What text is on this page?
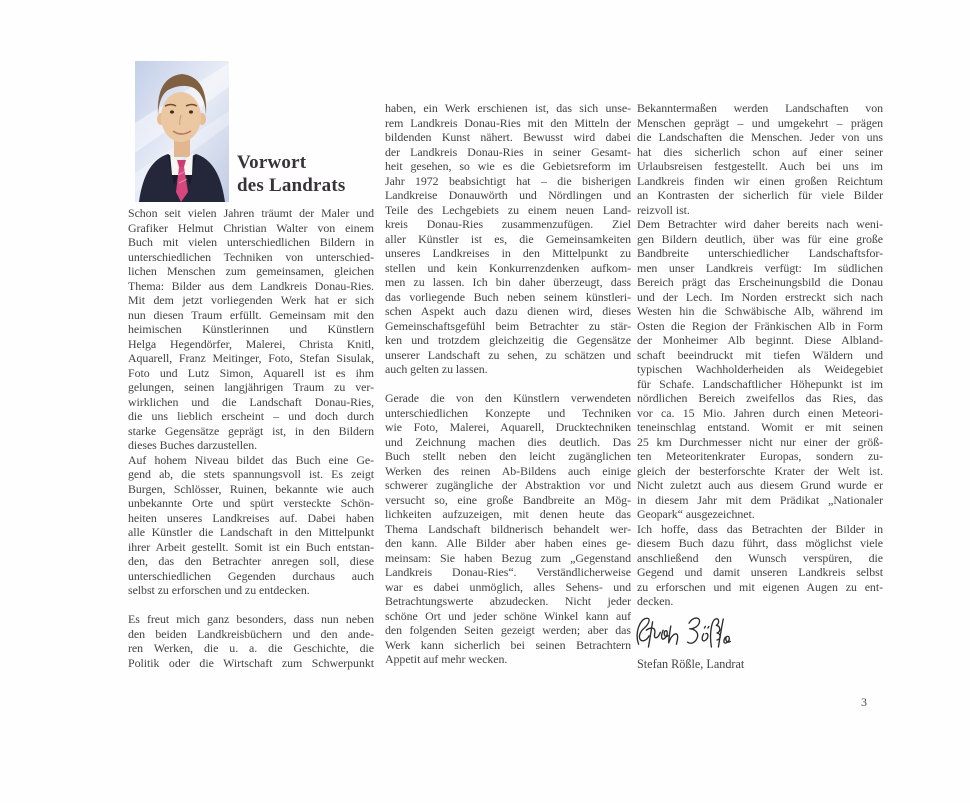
Vorwort
des Landrats
Schon seit vielen Jahren träumt der Maler und
Grafiker Helmut Christian Walter von einem
Buch mit vielen unterschiedlichen Bildern in
unterschiedlichen Techniken von unterschied-
lichen Menschen zum gemeinsamen, gleichen
Thema: Bilder aus dem Landkreis Donau-Ries.
Mit dem jetzt vorliegenden Werk hat er sich
nun diesen Traum erfüllt. Gemeinsam mit den
heimischen Künstlerinnen und Künstlern
Helga Hegendörfer, Malerei, Christa Knitl,
Aquarell, Franz Meitinger, Foto, Stefan Sisulak,
Foto und Lutz Simon, Aquarell ist es ihm
gelungen, seinen langjährigen Traum zu ver-
wirklichen und die Landschaft Donau-Ries,
die uns lieblich erscheint – und doch durch
starke Gegensätze geprägt ist, in den Bildern
dieses Buches darzustellen.
Auf hohem Niveau bildet das Buch eine Ge-
gend ab, die stets spannungsvoll ist. Es zeigt
Burgen, Schlösser, Ruinen, bekannte wie auch
unbekannte Orte und spürt versteckte Schön-
heiten unseres Landkreises auf. Dabei haben
alle Künstler die Landschaft in den Mittelpunkt
ihrer Arbeit gestellt. Somit ist ein Buch entstan-
den, das den Betrachter anregen soll, diese
unterschiedlichen Gegenden durchaus auch
selbst zu erforschen und zu entdecken.
Es freut mich ganz besonders, dass nun neben
den beiden Landkreisbüchern und den ande-
ren Werken, die u. a. die Geschichte, die
Politik oder die Wirtschaft zum Schwerpunkt
haben, ein Werk erschienen ist, das sich unse-
rem Landkreis Donau-Ries mit den Mitteln der
bildenden Kunst nähert. Bewusst wird dabei
der Landkreis Donau-Ries in seiner Gesamt-
heit gesehen, so wie es die Gebietsreform im
Jahr 1972 beabsichtigt hat – die bisherigen
Landkreise Donauwörth und Nördlingen und
Teile des Lechgebiets zu einem neuen Land-
kreis Donau-Ries zusammenzufügen. Ziel
aller Künstler ist es, die Gemeinsamkeiten
unseres Landkreises in den Mittelpunkt zu
stellen und kein Konkurrenzdenken aufkom-
men zu lassen. Ich bin daher überzeugt, dass
das vorliegende Buch neben seinem künstleri-
schen Aspekt auch dazu dienen wird, dieses
Gemeinschaftsgefühl beim Betrachter zu stär-
ken und trotzdem gleichzeitig die Gegensätze
unserer Landschaft zu sehen, zu schätzen und
auch gelten zu lassen.
Gerade die von den Künstlern verwendeten
unterschiedlichen Konzepte und Techniken
wie Foto, Malerei, Aquarell, Drucktechniken
und Zeichnung machen dies deutlich. Das
Buch stellt neben den leicht zugänglichen
Werken des reinen Ab-Bildens auch einige
schwerer zugängliche der Abstraktion vor und
versucht so, eine große Bandbreite an Mög-
lichkeiten aufzuzeigen, mit denen heute das
Thema Landschaft bildnerisch behandelt wer-
den kann. Alle Bilder aber haben eines ge-
meinsam: Sie haben Bezug zum „Gegenstand
Landkreis Donau-Ries“. Verständlicherweise
war es dabei unmöglich, alles Sehens- und
Betrachtungswerte abzudecken. Nicht jeder
schöne Ort und jeder schöne Winkel kann auf
den folgenden Seiten gezeigt werden; aber das
Werk kann sicherlich bei seinen Betrachtern
Appetit auf mehr wecken.
Bekanntermaßen werden Landschaften von
Menschen geprägt – und umgekehrt – prägen
die Landschaften die Menschen. Jeder von uns
hat dies sicherlich schon auf einer seiner
Urlaubsreisen festgestellt. Auch bei uns im
Landkreis finden wir einen großen Reichtum
an Kontrasten der sicherlich für viele Bilder
reizvoll ist.
Dem Betrachter wird daher bereits nach weni-
gen Bildern deutlich, über was für eine große
Bandbreite unterschiedlicher Landschaftsfor-
men unser Landkreis verfügt: Im südlichen
Bereich prägt das Erscheinungsbild die Donau
und der Lech. Im Norden erstreckt sich nach
Westen hin die Schwäbische Alb, während im
Osten die Region der Fränkischen Alb in Form
der Monheimer Alb beginnt. Diese Albland-
schaft beeindruckt mit tiefen Wäldern und
typischen Wachholderheiden als Weidegebiet
für Schafe. Landschaftlicher Höhepunkt ist im
nördlichen Bereich zweifellos das Ries, das
vor ca. 15 Mio. Jahren durch einen Meteori-
teneinschlag entstand. Womit er mit seinen
25 km Durchmesser nicht nur einer der größ-
ten Meteoritenkrater Europas, sondern zu-
gleich der besterforschte Krater der Welt ist.
Nicht zuletzt auch aus diesem Grund wurde er
in diesem Jahr mit dem Prädikat „Nationaler
Geopark“ ausgezeichnet.
Ich hoffe, dass das Betrachten der Bilder in
diesem Buch dazu führt, dass möglichst viele
anschließend den Wunsch verspüren, die
Gegend und damit unseren Landkreis selbst
zu erforschen und mit eigenen Augen zu ent-
decken.
Stefan Rößle, Landrat
3
